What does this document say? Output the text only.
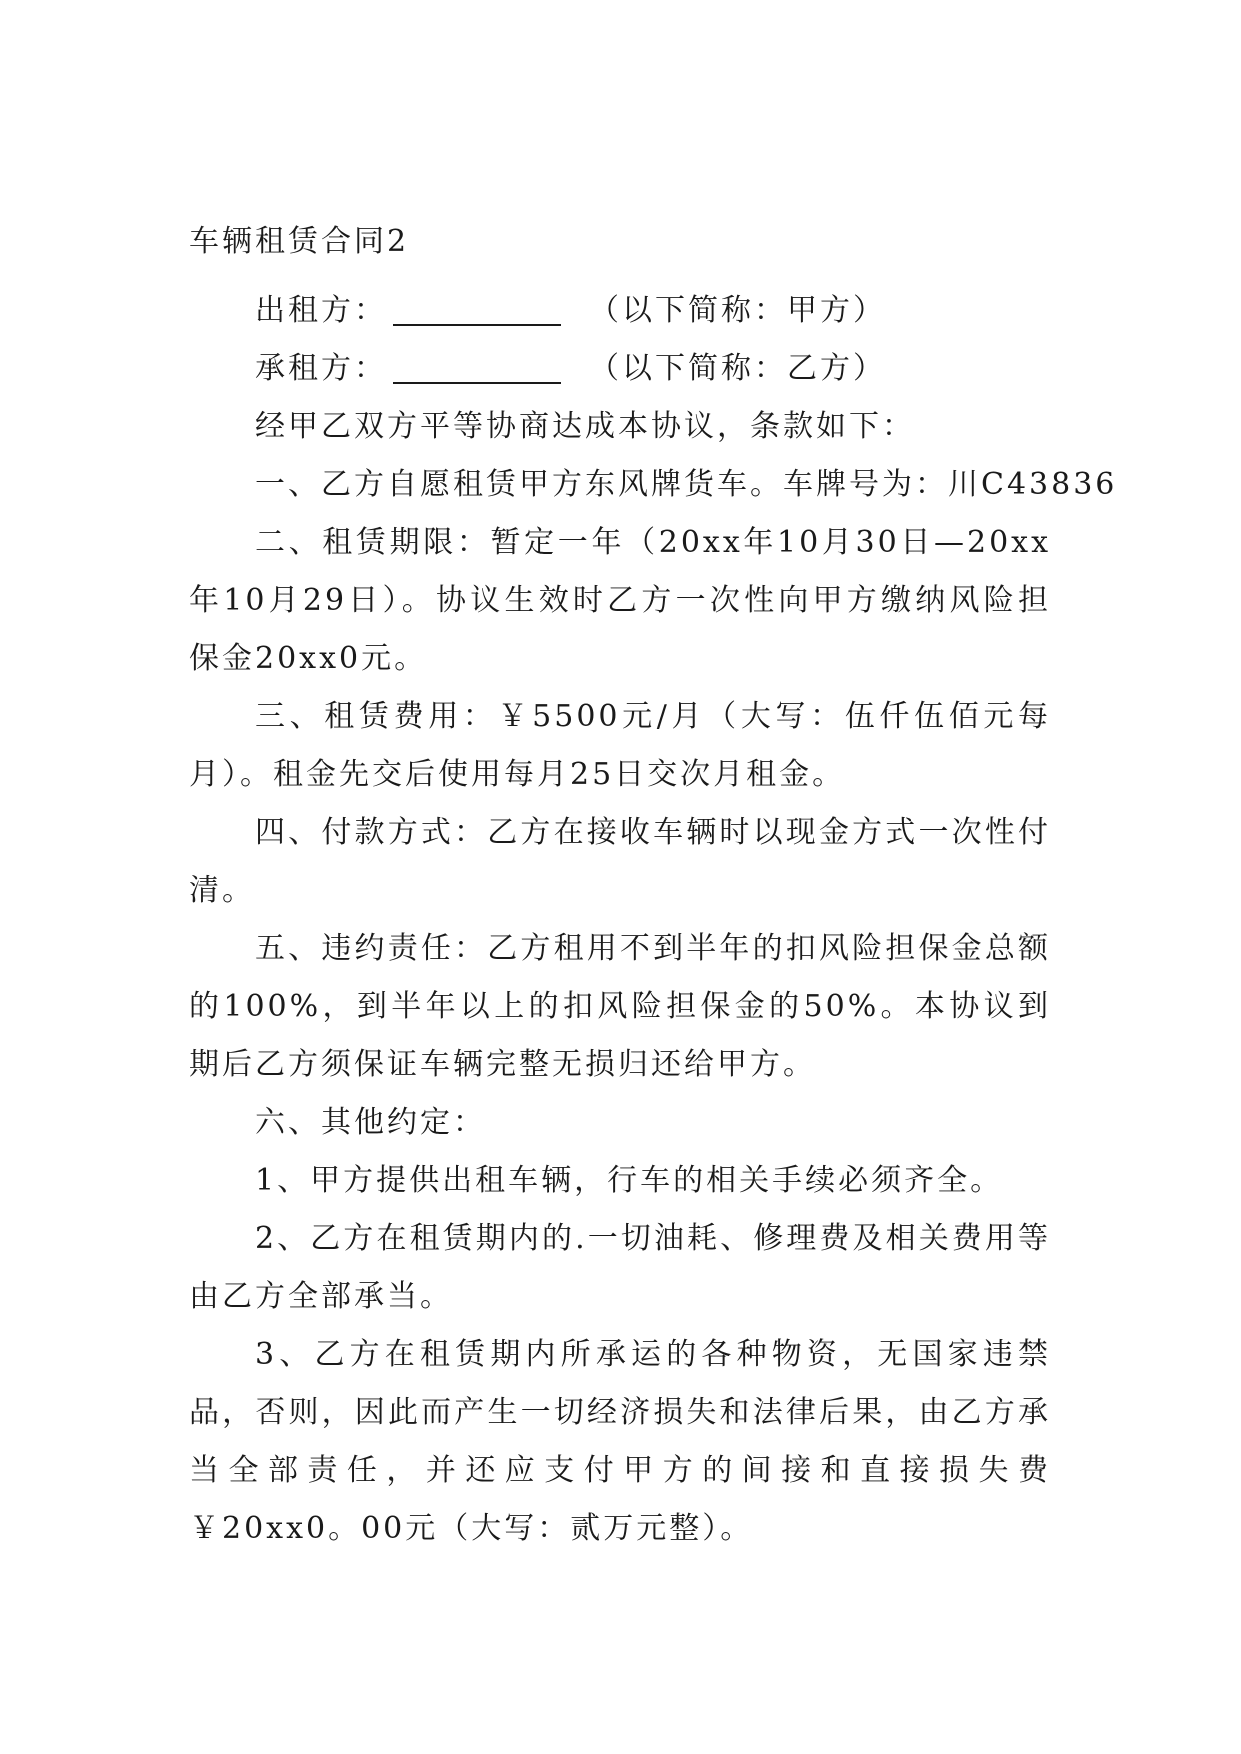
车辆租赁合同2

出租方：	（以下简称：甲方）

承租方：	（以下简称：乙方）

经甲乙双方平等协商达成本协议，条款如下：

一、乙方自愿租赁甲方东风牌货车。车牌号为：川C43836

二、租赁期限：暂定一年（20xx年10月30日—20xx年10月29日）。协议生效时乙方一次性向甲方缴纳风险担保金20xx0元。

三、租赁费用：￥5500元/月（大写：伍仟伍佰元每月）。租金先交后使用每月25日交次月租金。

四、付款方式：乙方在接收车辆时以现金方式一次性付清。

五、违约责任：乙方租用不到半年的扣风险担保金总额的100%，到半年以上的扣风险担保金的50%。本协议到期后乙方须保证车辆完整无损归还给甲方。

六、其他约定：

1、甲方提供出租车辆，行车的相关手续必须齐全。

2、乙方在租赁期内的.一切油耗、修理费及相关费用等由乙方全部承当。

3、乙方在租赁期内所承运的各种物资，无国家违禁品，否则，因此而产生一切经济损失和法律后果，由乙方承当全部责任，并还应支付甲方的间接和直接损失费￥20xx0。00元（大写：贰万元整）。
